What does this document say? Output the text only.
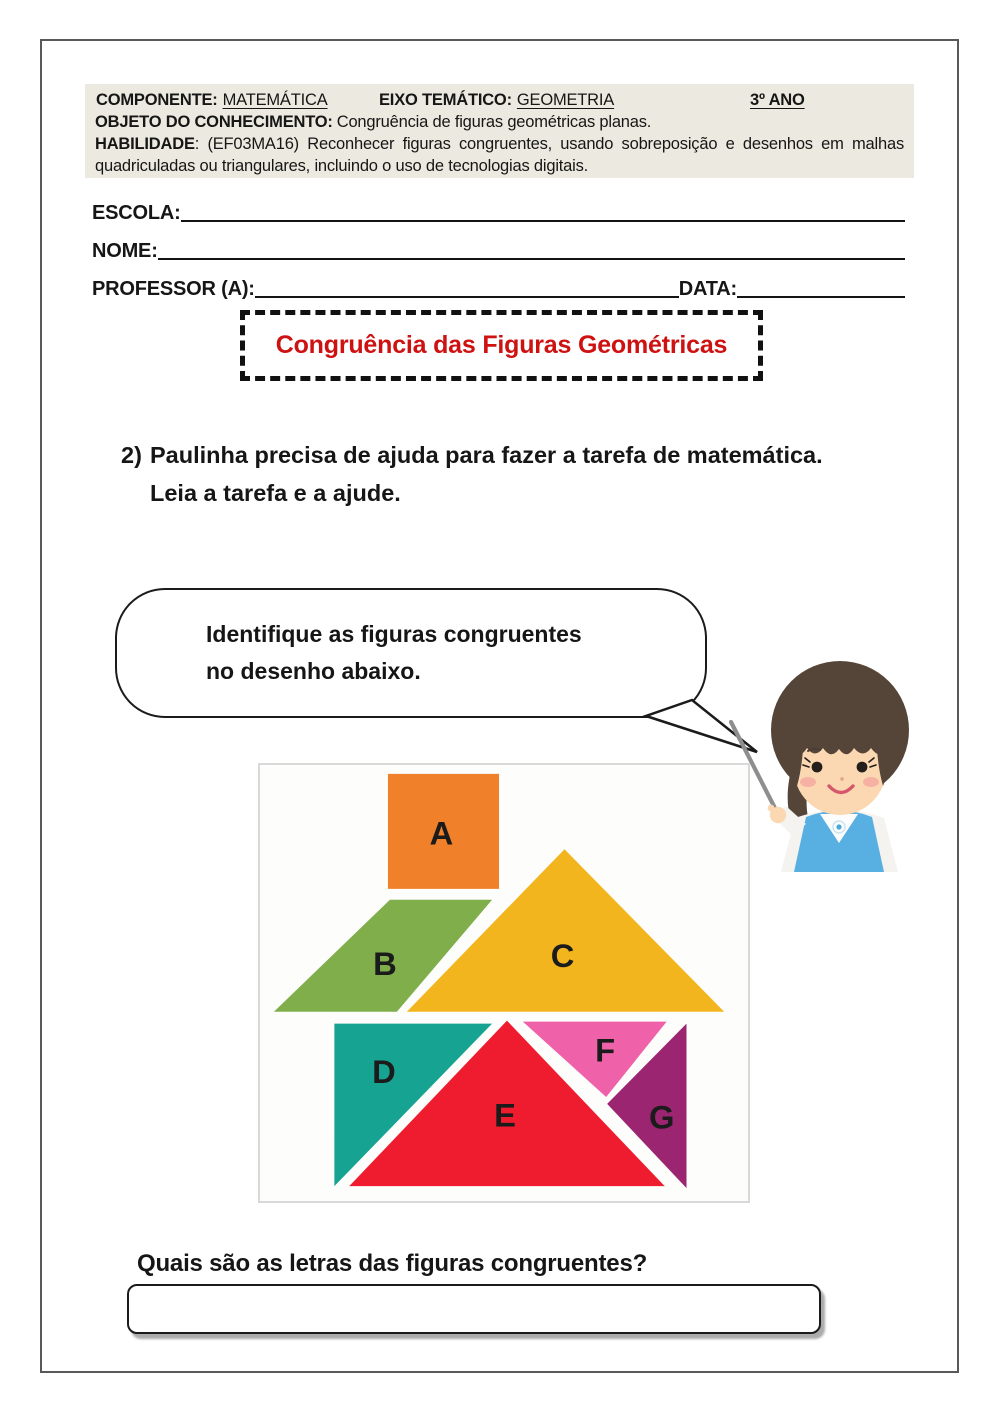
COMPONENTE: MATEMÁTICA	EIXO TEMÁTICO: GEOMETRIA	3º ANO
OBJETO DO CONHECIMENTO: Congruência de figuras geométricas planas.
HABILIDADE: (EF03MA16) Reconhecer figuras congruentes, usando sobreposição e desenhos em malhas quadriculadas ou triangulares, incluindo o uso de tecnologias digitais.
ESCOLA:
NOME:
PROFESSOR (A):	DATA:
Congruência das Figuras Geométricas
2) Paulinha precisa de ajuda para fazer a tarefa de matemática.

Leia a tarefa e a ajude.

Identifique as figuras congruentes
no desenho abaixo.
A
B	C
D
E
F
G
Quais são as letras das figuras congruentes?
